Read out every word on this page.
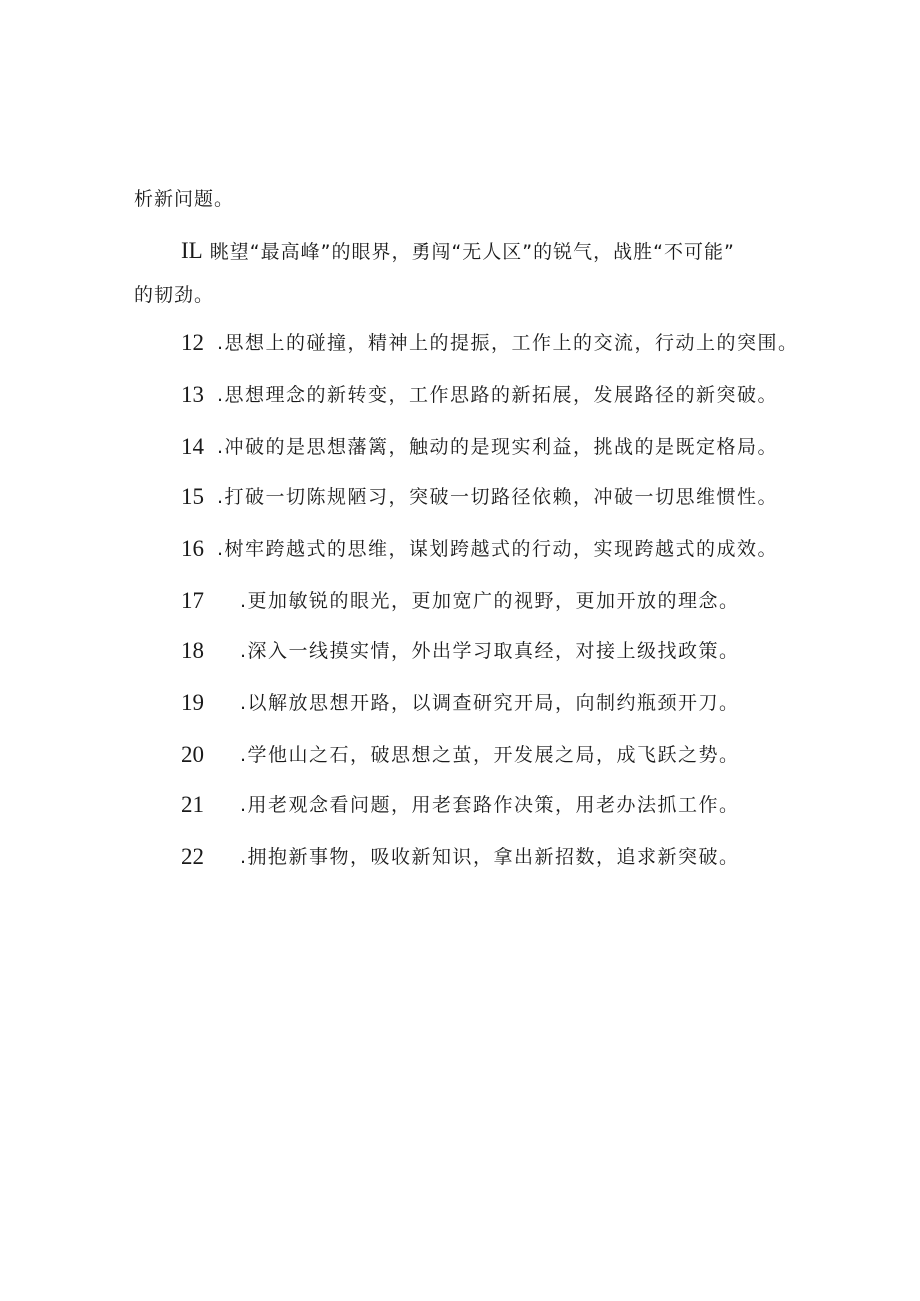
析新问题。
IL 眺望“最高峰”的眼界，勇闯“无人区”的锐气，战胜“不可能”
的韧劲。
12 .思想上的碰撞，精神上的提振，工作上的交流，行动上的突围。
13 .思想理念的新转变，工作思路的新拓展，发展路径的新突破。
14 .冲破的是思想藩篱，触动的是现实利益，挑战的是既定格局。
15 .打破一切陈规陋习，突破一切路径依赖，冲破一切思维惯性。
16 .树牢跨越式的思维，谋划跨越式的行动，实现跨越式的成效。
17 .更加敏锐的眼光，更加宽广的视野，更加开放的理念。
18 .深入一线摸实情，外出学习取真经，对接上级找政策。
19 .以解放思想开路，以调查研究开局，向制约瓶颈开刀。
20 .学他山之石，破思想之茧，开发展之局，成飞跃之势。
21 .用老观念看问题，用老套路作决策，用老办法抓工作。
22 .拥抱新事物，吸收新知识，拿出新招数，追求新突破。
